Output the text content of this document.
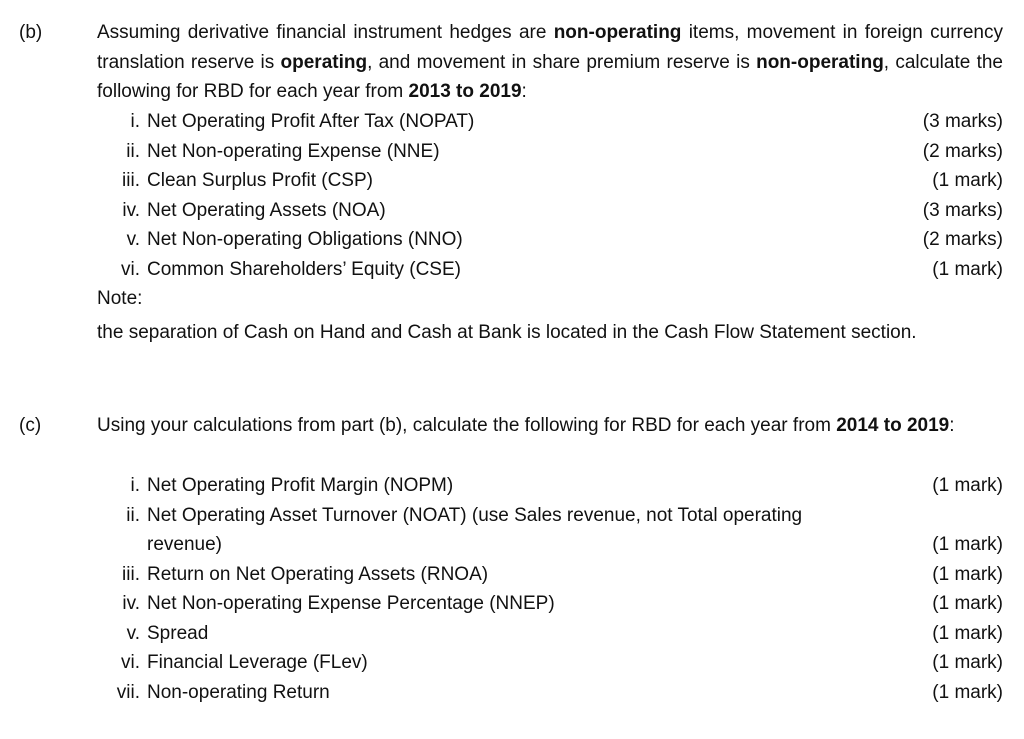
(b)	Assuming derivative financial instrument hedges are non-operating items, movement in foreign currency translation reserve is operating, and movement in share premium reserve is non-operating, calculate the following for RBD for each year from 2013 to 2019:
i. Net Operating Profit After Tax (NOPAT)	(3 marks)
ii. Net Non-operating Expense (NNE)	(2 marks)
iii. Clean Surplus Profit (CSP)	(1 mark)
iv. Net Operating Assets (NOA)	(3 marks)
v. Net Non-operating Obligations (NNO)	(2 marks)
vi. Common Shareholders’ Equity (CSE)	(1 mark)
Note:
the separation of Cash on Hand and Cash at Bank is located in the Cash Flow Statement section.
(c)	Using your calculations from part (b), calculate the following for RBD for each year from 2014 to 2019:
i. Net Operating Profit Margin (NOPM)	(1 mark)
ii. Net Operating Asset Turnover (NOAT) (use Sales revenue, not Total operating
revenue)	(1 mark)
iii. Return on Net Operating Assets (RNOA)	(1 mark)
iv. Net Non-operating Expense Percentage (NNEP)	(1 mark)
v. Spread	(1 mark)
vi. Financial Leverage (FLev)	(1 mark)
vii. Non-operating Return	(1 mark)
